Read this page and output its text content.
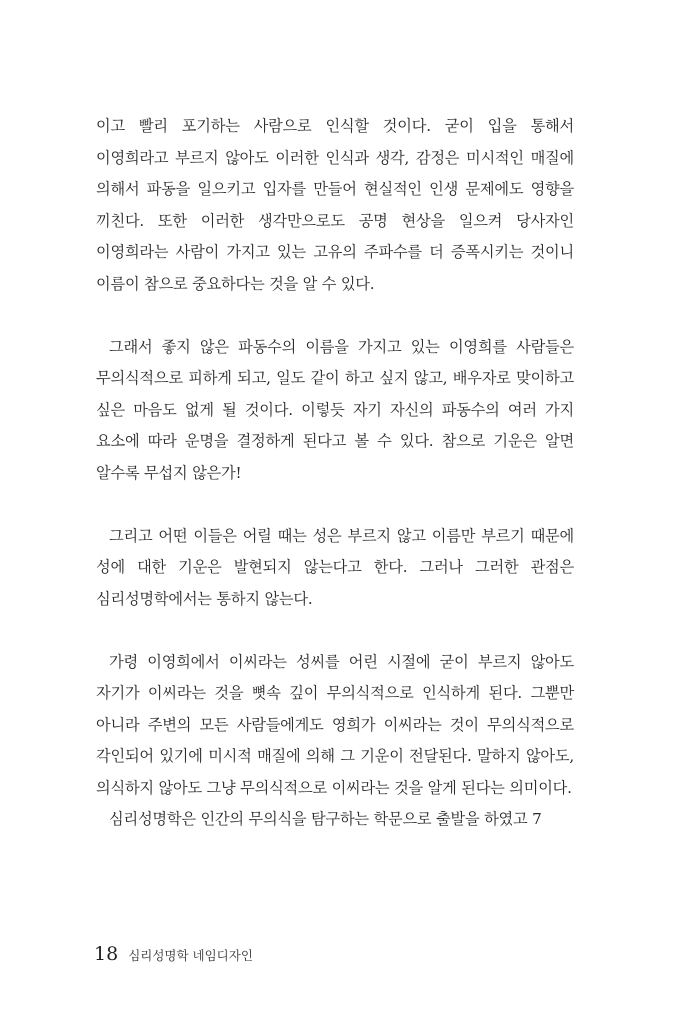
이고 빨리 포기하는 사람으로 인식할 것이다. 굳이 입을 통해서 이영희라고 부르지 않아도 이러한 인식과 생각, 감정은 미시적인 매질에 의해서 파동을 일으키고 입자를 만들어 현실적인 인생 문제에도 영향을 끼친다. 또한 이러한 생각만으로도 공명 현상을 일으켜 당사자인 이영희라는 사람이 가지고 있는 고유의 주파수를 더 증폭시키는 것이니 이름이 참으로 중요하다는 것을 알 수 있다.

그래서 좋지 않은 파동수의 이름을 가지고 있는 이영희를 사람들은 무의식적으로 피하게 되고, 일도 같이 하고 싶지 않고, 배우자로 맞이하고 싶은 마음도 없게 될 것이다. 이렇듯 자기 자신의 파동수의 여러 가지 요소에 따라 운명을 결정하게 된다고 볼 수 있다. 참으로 기운은 알면 알수록 무섭지 않은가!

그리고 어떤 이들은 어릴 때는 성은 부르지 않고 이름만 부르기 때문에 성에 대한 기운은 발현되지 않는다고 한다. 그러나 그러한 관점은 심리성명학에서는 통하지 않는다.

가령 이영희에서 이씨라는 성씨를 어린 시절에 굳이 부르지 않아도 자기가 이씨라는 것을 뼛속 깊이 무의식적으로 인식하게 된다. 그뿐만 아니라 주변의 모든 사람들에게도 영희가 이씨라는 것이 무의식적으로 각인되어 있기에 미시적 매질에 의해 그 기운이 전달된다. 말하지 않아도, 의식하지 않아도 그냥 무의식적으로 이씨라는 것을 알게 된다는 의미이다.

심리성명학은 인간의 무의식을 탐구하는 학문으로 출발을 하였고 7

18 심리성명학 네임디자인
